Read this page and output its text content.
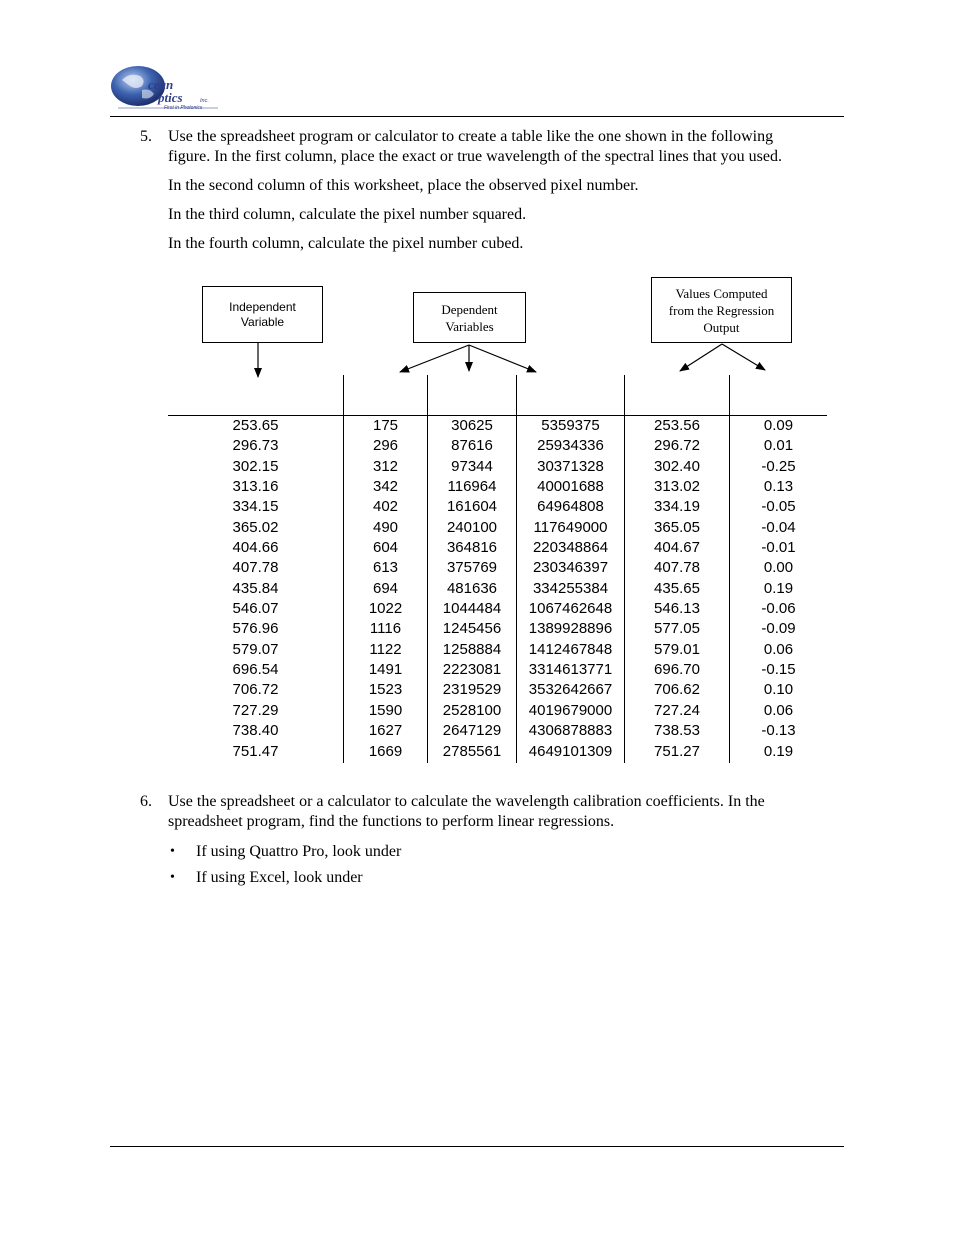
cean
ptics	Inc.
First in Photonics
5. Use the spreadsheet program or calculator to create a table like the one shown in the following
figure. In the first column, place the exact or true wavelength of the spectral lines that you used.
In the second column of this worksheet, place the observed pixel number.
In the third column, calculate the pixel number squared.
In the fourth column, calculate the pixel number cubed.
Independent
Variable
Dependent
Variables
Values Computed
from the Regression
Output
253.65
296.73
302.15
313.16
334.15
365.02
404.66
407.78
435.84
546.07
576.96
579.07
696.54
706.72
727.29
738.40
751.47
175
296
312
342
402
490
604
613
694
1022
1116
1122
1491
1523
1590
1627
1669
30625
87616
97344
116964
161604
240100
364816
375769
481636
1044484
1245456
1258884
2223081
2319529
2528100
2647129
2785561
5359375
25934336
30371328
40001688
64964808
117649000
220348864
230346397
334255384
1067462648
1389928896
1412467848
3314613771
3532642667
4019679000
4306878883
4649101309
253.56
296.72
302.40
313.02
334.19
365.05
404.67
407.78
435.65
546.13
577.05
579.01
696.70
706.62
727.24
738.53
751.27
0.09
0.01
-0.25
0.13
-0.05
-0.04
-0.01
0.00
0.19
-0.06
-0.09
0.06
-0.15
0.10
0.06
-0.13
0.19
6. Use the spreadsheet or a calculator to calculate the wavelength calibration coefficients. In the
spreadsheet program, find the functions to perform linear regressions.
• If using Quattro Pro, look under
• If using Excel, look under
